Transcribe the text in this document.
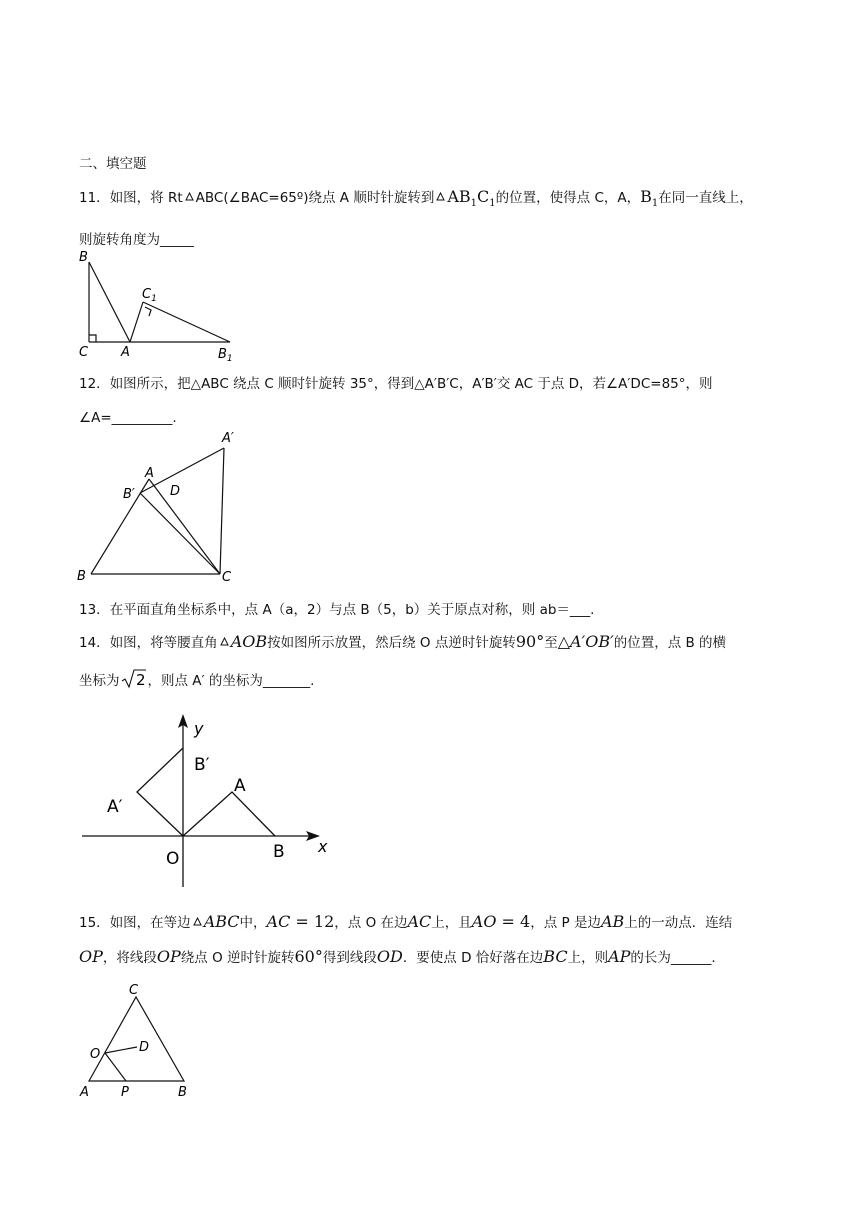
二、填空题
11．如图，将 Rt ABC(∠BAC=65º)绕点 A 顺时针旋转到 $AB_1C_1$的位置，使得点 C，A，$B_1$在同一直线上，
则旋转角度为_____
B
$C_1$
C	A	$B_1$
12．如图所示，把△ABC 绕点 C 顺时针旋转 35°，得到△A′B′C，A′B′交 AC 于点 D，若∠A′DC=85°，则
∠A=_________.
A′
A
B′	D
B	C
13．在平面直角坐标系中，点 A（a，2）与点 B（5，b）关于原点对称，则 ab＝___.
14．如图，将等腰直角 AOB按如图所示放置，然后绕 O 点逆时针旋转90°至△A′OB′的位置，点 B 的横
坐标为 2 ，则点 A′ 的坐标为_______.
y
B′
A
A′
O	B x
15．如图，在等边 ABC中，AC = 12，点 O 在边AC上，且AO = 4，点 P 是边AB上的一动点．连结
OP，将线段OP绕点 O 逆时针旋转60°得到线段OD．要使点 D 恰好落在边BC上，则AP的长为______.
C
O	D
A P	B
